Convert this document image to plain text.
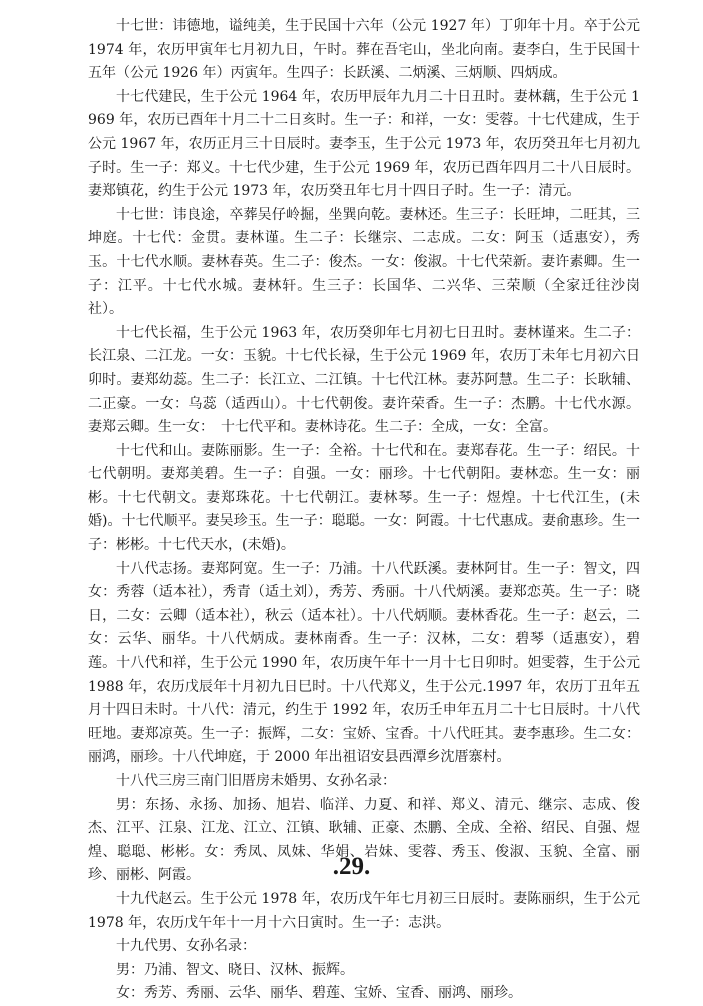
十七世：讳德地，谥纯美，生于民国十六年（公元 1927 年）丁卯年十月。卒于公元 1974 年，农历甲寅年七月初九日，午时。葬在吾宅山，坐北向南。妻李白，生于民国十五年（公元 1926 年）丙寅年。生四子：长跃溪、二炳溪、三炳顺、四炳成。

十七代建民，生于公元 1964 年，农历甲辰年九月二十日丑时。妻林藕，生于公元 1969 年，农历已酉年十月二十二日亥时。生一子：和祥，一女：雯蓉。十七代建成，生于公元 1967 年，农历正月三十日辰时。妻李玉，生于公元 1973 年，农历癸丑年七月初九子时。生一子：郑义。十七代少建，生于公元 1969 年，农历已酉年四月二十八日辰时。妻郑镇花，约生于公元 1973 年，农历癸丑年七月十四日子时。生一子：清元。

十七世：讳良途，卒葬吴仔岭掘，坐巽向乾。妻林还。生三子：长旺坤，二旺其，三坤庭。十七代：金贯。妻林谨。生二子：长继宗、二志成。二女：阿玉（适惠安），秀玉。十七代水顺。妻林春英。生二子：俊杰。一女：俊淑。十七代荣新。妻许素卿。生一子：江平。十七代水城。妻林轩。生三子：长国华、二兴华、三荣顺（全家迁往沙岗社）。

十七代长福，生于公元 1963 年，农历癸卯年七月初七日丑时。妻林谨来。生二子：长江泉、二江龙。一女：玉貌。十七代长禄，生于公元 1969 年，农历丁未年七月初六日卯时。妻郑幼蕊。生二子：长江立、二江镇。十七代江林。妻苏阿慧。生二子：长耿辅、二正豪。一女：乌蕊（适西山）。十七代朝俊。妻许荣香。生一子：杰鹏。十七代水源。妻郑云卿。生一女：　十七代平和。妻林诗花。生二子：全成，一女：全富。

十七代和山。妻陈丽影。生一子：全裕。十七代和在。妻郑春花。生一子：绍民。十七代朝明。妻郑美碧。生一子：自强。一女：丽珍。十七代朝阳。妻林恋。生一女：丽彬。十七代朝文。妻郑珠花。十七代朝江。妻林琴。生一子：煜煌。十七代江生，(未婚)。十七代顺平。妻吴珍玉。生一子：聪聪。一女：阿霞。十七代惠成。妻俞惠珍。生一子：彬彬。十七代天水，(未婚)。

十八代志扬。妻郑阿宽。生一子：乃浦。十八代跃溪。妻林阿甘。生一子：智文，四女：秀蓉（适本社），秀青（适土刘），秀芳、秀丽。十八代炳溪。妻郑恋英。生一子：晓日，二女：云卿（适本社），秋云（适本社）。十八代炳顺。妻林香花。生一子：赵云，二女：云华、丽华。十八代炳成。妻林南香。生一子：汉林，二女：碧琴（适惠安），碧莲。十八代和祥，生于公元 1990 年，农历庚午年十一月十七日卯时。妲雯蓉，生于公元 1988 年，农历戊辰年十月初九日巳时。十八代郑义，生于公元.1997 年，农历丁丑年五月十四日未时。十八代：清元，约生于 1992 年，农历壬申年五月二十七日辰时。十八代旺地。妻郑凉英。生一子：振辉，二女：宝娇、宝香。十八代旺其。妻李惠珍。生二女：丽鸿，丽珍。十八代坤庭，于 2000 年出祖诏安县西潭乡沈厝寨村。

十八代三房三南门旧厝房未婚男、女孙名录：

男：东扬、永扬、加扬、旭岩、临洋、力夏、和祥、郑义、清元、继宗、志成、俊杰、江平、江泉、江龙、江立、江镇、耿辅、正豪、杰鹏、全成、全裕、绍民、自强、煜煌、聪聪、彬彬。女：秀凤、凤妹、华娟、岩妹、雯蓉、秀玉、俊淑、玉貌、全富、丽珍、丽彬、阿霞。

十九代赵云。生于公元 1978 年，农历戊午年七月初三日辰时。妻陈丽织，生于公元 1978 年，农历戊午年十一月十六日寅时。生一子：志洪。

十九代男、女孙名录：

男：乃浦、智文、晓日、汉林、振辉。

女：秀芳、秀丽、云华、丽华、碧莲、宝娇、宝香、丽鸿、丽珍。

.29.
